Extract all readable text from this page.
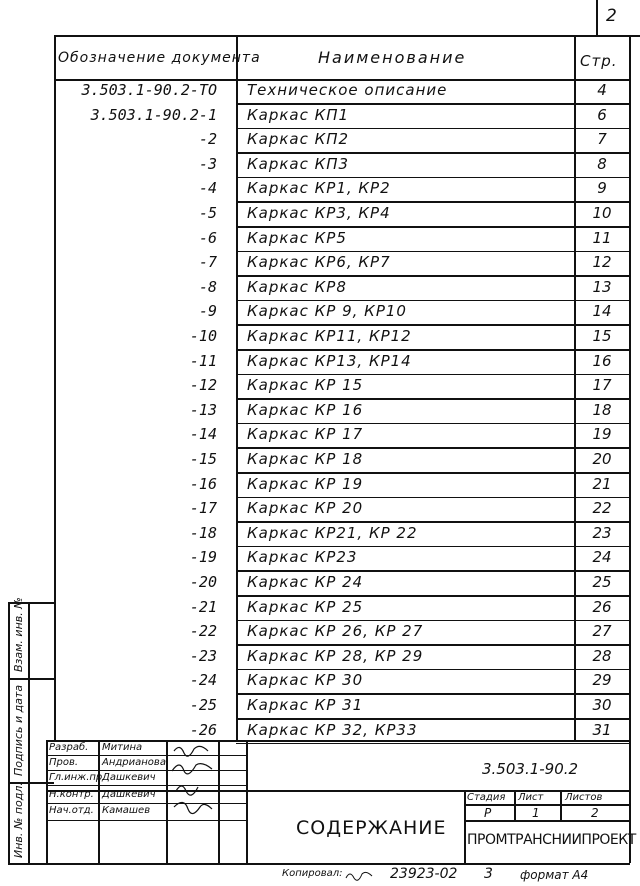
2
Обозначение документа	Наименование	Стр.
3.503.1-90.2-ТО Техническое описание	4
3.503.1-90.2-1 Каркас КП1	6
-2 Каркас КП2	7
-3 Каркас КП3	8
-4 Каркас КР1, КР2	9
-5 Каркас КР3, КР4	10
-6 Каркас КР5	11
-7 Каркас КР6, КР7	12
-8 Каркас КР8	13
-9 Каркас КР 9, КР10	14
-10 Каркас КР11, КР12	15
-11 Каркас КР13, КР14	16
-12 Каркас КР 15	17
-13 Каркас КР 16	18
-14 Каркас КР 17	19
-15 Каркас КР 18	20
-16 Каркас КР 19	21
-17 Каркас КР 20	22
-18 Каркас КР21, КР 22	23
-19 Каркас КР23	24
-20 Каркас КР 24	25
-21 Каркас КР 25	26
-22 Каркас КР 26, КР 27	27
-23 Каркас КР 28, КР 29	28
-24 Каркас КР 30	29
-25 Каркас КР 31	30
-26 Каркас КР 32, КР33	31
Инв. № подл.
Подпись и дата
Взам. инв. №
Разраб. Митина
Пров. Андрианова
Гл.инж.пр.
Дашкевич
Н.контр. Дашкевич
Нач.отд. Камашев
3.503.1-90.2
СОДЕРЖАНИЕ
Стадия Лист Листов
Р	1	2
ПРОМТРАНСНИИПРОЕКТ
Копировал:	23923-02 3 формат А4
